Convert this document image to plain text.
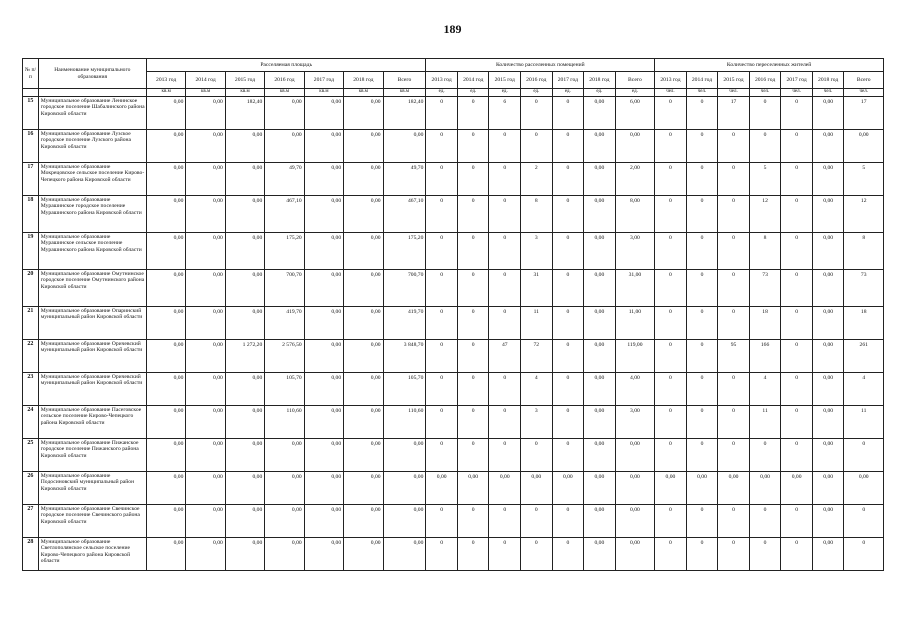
189
№ п/п	Наименование муниципального образования	Расселяемая площадь							Количество расселенных помещений							Количество переселенных жителей						
		2013 год	2014 год	2015 год	2016 год	2017 год	2018 год	Всего	2013 год	2014 год	2015 год	2016 год	2017 год	2018 год	Всего	2013 год	2014 год	2015 год	2016 год	2017 год	2018 год	Всего
		кв.м	кв.м	кв.м	кв.м	кв.м	кв.м	кв.м	ед.	ед.	ед.	ед.	ед.	ед.	ед.	чел.	чел.	чел.	чел.	чел.	чел.	чел.
15	Муниципальное образование Ленинское городское поселение Шабалинского района Кировской области	0,00	0,00	182,40	0,00	0,00	0,00	182,40	0	0	6	0	0	0,00	6,00	0	0	17	0	0	0,00	17
16	Муниципальное образование Лузское городское поселение Лузского района Кировской области	0,00	0,00	0,00	0,00	0,00	0,00	0,00	0	0	0	0	0	0,00	0,00	0	0	0	0	0	0,00	0,00
17	Муниципальное образование Мокрецовское сельское поселение Кирово-Чепецкого района Кировской области	0,00	0,00	0,00	49,70	0,00	0,00	49,70	0	0	0	2	0	0,00	2,00	0	0	0	5	0	0,00	5
18	Муниципальное образование Мурашинское городское поселение Мурашинского района Кировской области	0,00	0,00	0,00	467,10	0,00	0,00	467,10	0	0	0	8	0	0,00	8,00	0	0	0	12	0	0,00	12
19	Муниципальное образование Мурашинское сельское поселение Мурашинского района Кировской области	0,00	0,00	0,00	175,20	0,00	0,00	175,20	0	0	0	3	0	0,00	3,00	0	0	0	8	0	0,00	8
20	Муниципальное образование Омутнинское городское поселение Омутнинского района Кировской области	0,00	0,00	0,00	700,70	0,00	0,00	700,70	0	0	0	31	0	0,00	31,00	0	0	0	73	0	0,00	73
21	Муниципальное образование Опаринский муниципальный район Кировской области	0,00	0,00	0,00	419,70	0,00	0,00	419,70	0	0	0	11	0	0,00	11,00	0	0	0	18	0	0,00	18
22	Муниципальное образование Оричевский муниципальный район Кировской области	0,00	0,00	1 272,20	2 576,50	0,00	0,00	3 848,70	0	0	47	72	0	0,00	119,00	0	0	95	166	0	0,00	261
23	Муниципальное образование Оричевский муниципальный район Кировской области	0,00	0,00	0,00	105,70	0,00	0,00	105,70	0	0	0	4	0	0,00	4,00	0	0	0	4	0	0,00	4
24	Муниципальное образование Пасеговское сельское поселение Кирово-Чепецкого района Кировской области	0,00	0,00	0,00	110,60	0,00	0,00	110,60	0	0	0	3	0	0,00	3,00	0	0	0	11	0	0,00	11
25	Муниципальное образование Пижанское городское поселение Пижанского района Кировской области	0,00	0,00	0,00	0,00	0,00	0,00	0,00	0	0	0	0	0	0,00	0,00	0	0	0	0	0	0,00	0
26	Муниципальное образование Подосиновский муниципальный район Кировской области	0,00	0,00	0,00	0,00	0,00	0,00	0,00	0,00	0,00	0,00	0,00	0,00	0,00	0,00	0,00	0,00	0,00	0,00	0,00	0,00	0,00
27	Муниципальное образование Свечинское городское поселение Свечинского района Кировской области	0,00	0,00	0,00	0,00	0,00	0,00	0,00	0	0	0	0	0	0,00	0,00	0	0	0	0	0	0,00	0
28	Муниципальное образование Светлополянское сельское поселение Кирово-Чепецкого района Кировской области	0,00	0,00	0,00	0,00	0,00	0,00	0,00	0	0	0	0	0	0,00	0,00	0	0	0	0	0	0,00	0
